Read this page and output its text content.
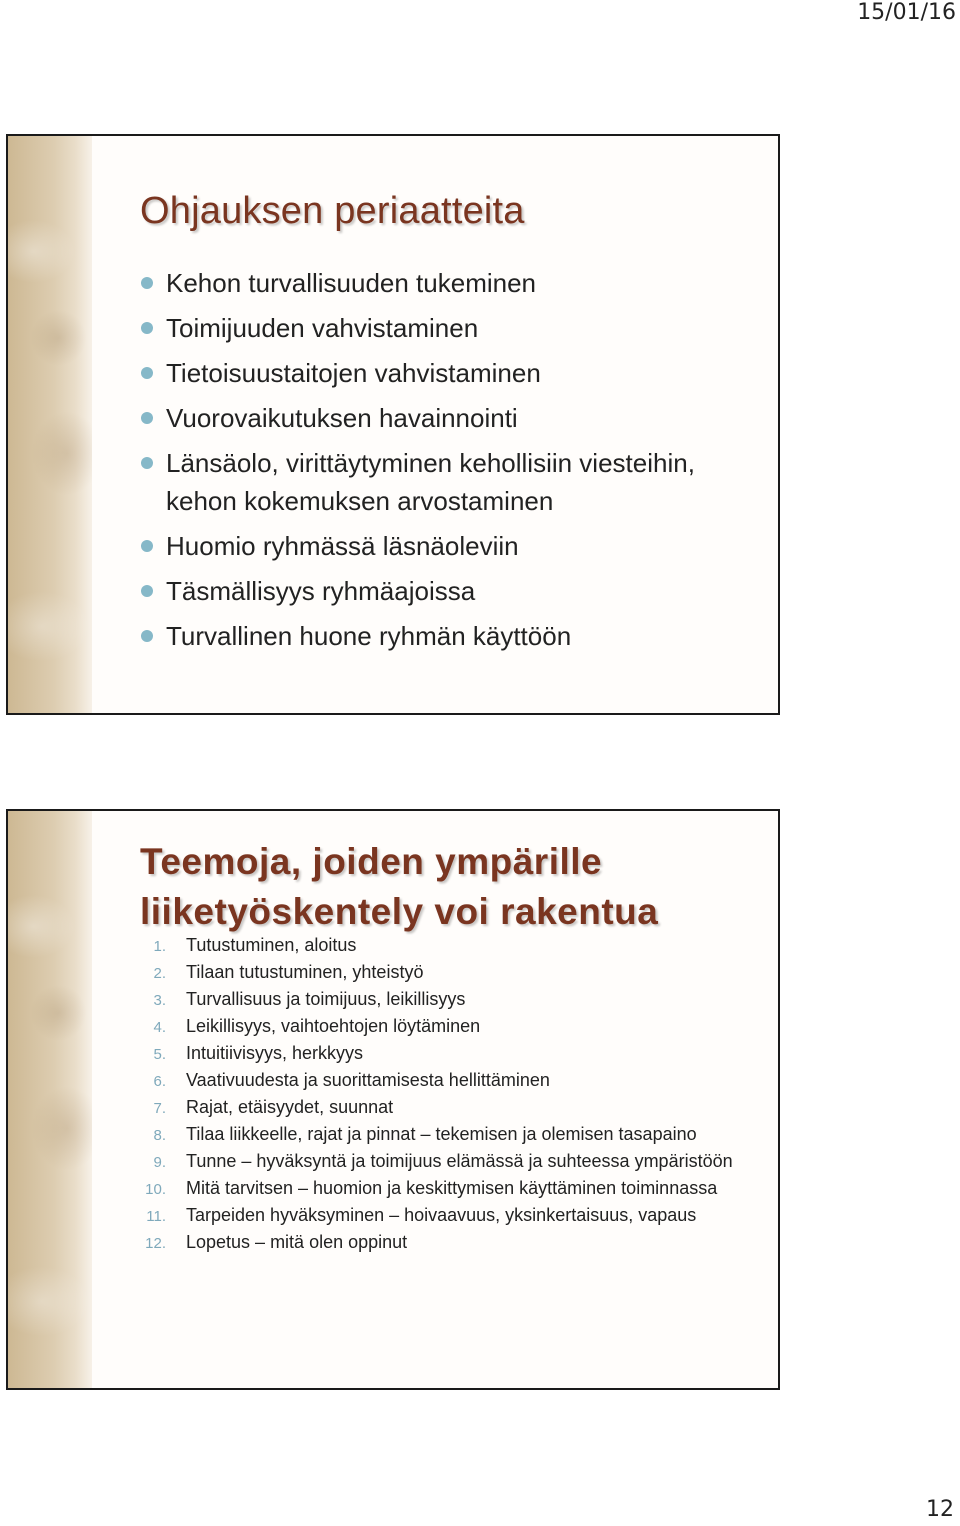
15/01/16
Ohjauksen periaatteita
Kehon turvallisuuden tukeminen
Toimijuuden vahvistaminen
Tietoisuustaitojen vahvistaminen
Vuorovaikutuksen havainnointi
Länsäolo, virittäytyminen kehollisiin viesteihin, kehon kokemuksen arvostaminen
Huomio ryhmässä läsnäoleviin
Täsmällisyys ryhmäajoissa
Turvallinen huone ryhmän käyttöön
Teemoja, joiden ympärille liiketyöskentely voi rakentua
1. Tutustuminen, aloitus
2. Tilaan tutustuminen, yhteistyö
3. Turvallisuus ja toimijuus, leikillisyys
4. Leikillisyys, vaihtoehtojen löytäminen
5. Intuitiivisyys, herkkyys
6. Vaativuudesta ja suorittamisesta hellittäminen
7. Rajat, etäisyydet, suunnat
8. Tilaa liikkeelle, rajat ja pinnat – tekemisen ja olemisen tasapaino
9. Tunne – hyväksyntä ja toimijuus elämässä ja suhteessa ympäristöön
10. Mitä tarvitsen – huomion ja keskittymisen käyttäminen toiminnassa
11. Tarpeiden hyväksyminen – hoivaavuus, yksinkertaisuus, vapaus
12. Lopetus – mitä olen oppinut
12
